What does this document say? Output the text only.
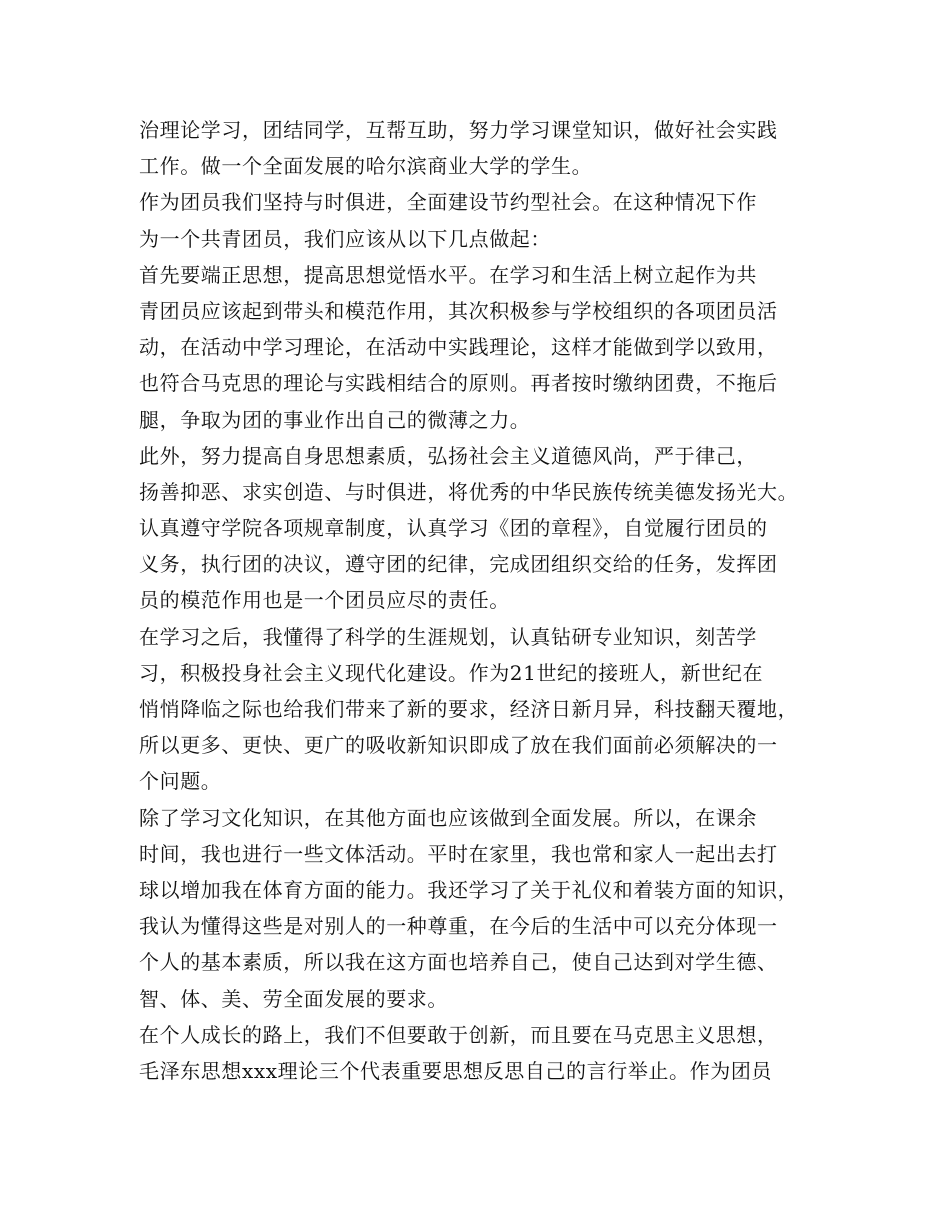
治理论学习，团结同学，互帮互助，努力学习课堂知识，做好社会实践
工作。做一个全面发展的哈尔滨商业大学的学生。
作为团员我们坚持与时俱进，全面建设节约型社会。在这种情况下作
为一个共青团员，我们应该从以下几点做起：
首先要端正思想，提高思想觉悟水平。在学习和生活上树立起作为共
青团员应该起到带头和模范作用，其次积极参与学校组织的各项团员活
动，在活动中学习理论，在活动中实践理论，这样才能做到学以致用，
也符合马克思的理论与实践相结合的原则。再者按时缴纳团费，不拖后
腿，争取为团的事业作出自己的微薄之力。
此外，努力提高自身思想素质，弘扬社会主义道德风尚，严于律己，
扬善抑恶、求实创造、与时俱进，将优秀的中华民族传统美德发扬光大。
认真遵守学院各项规章制度，认真学习《团的章程》，自觉履行团员的
义务，执行团的决议，遵守团的纪律，完成团组织交给的任务，发挥团
员的模范作用也是一个团员应尽的责任。
在学习之后，我懂得了科学的生涯规划，认真钻研专业知识，刻苦学
习，积极投身社会主义现代化建设。作为21世纪的接班人，新世纪在
悄悄降临之际也给我们带来了新的要求，经济日新月异，科技翻天覆地，
所以更多、更快、更广的吸收新知识即成了放在我们面前必须解决的一
个问题。
除了学习文化知识，在其他方面也应该做到全面发展。所以，在课余
时间，我也进行一些文体活动。平时在家里，我也常和家人一起出去打
球以增加我在体育方面的能力。我还学习了关于礼仪和着装方面的知识，
我认为懂得这些是对别人的一种尊重，在今后的生活中可以充分体现一
个人的基本素质，所以我在这方面也培养自己，使自己达到对学生德、
智、体、美、劳全面发展的要求。
在个人成长的路上，我们不但要敢于创新，而且要在马克思主义思想，
毛泽东思想xxx理论三个代表重要思想反思自己的言行举止。作为团员
